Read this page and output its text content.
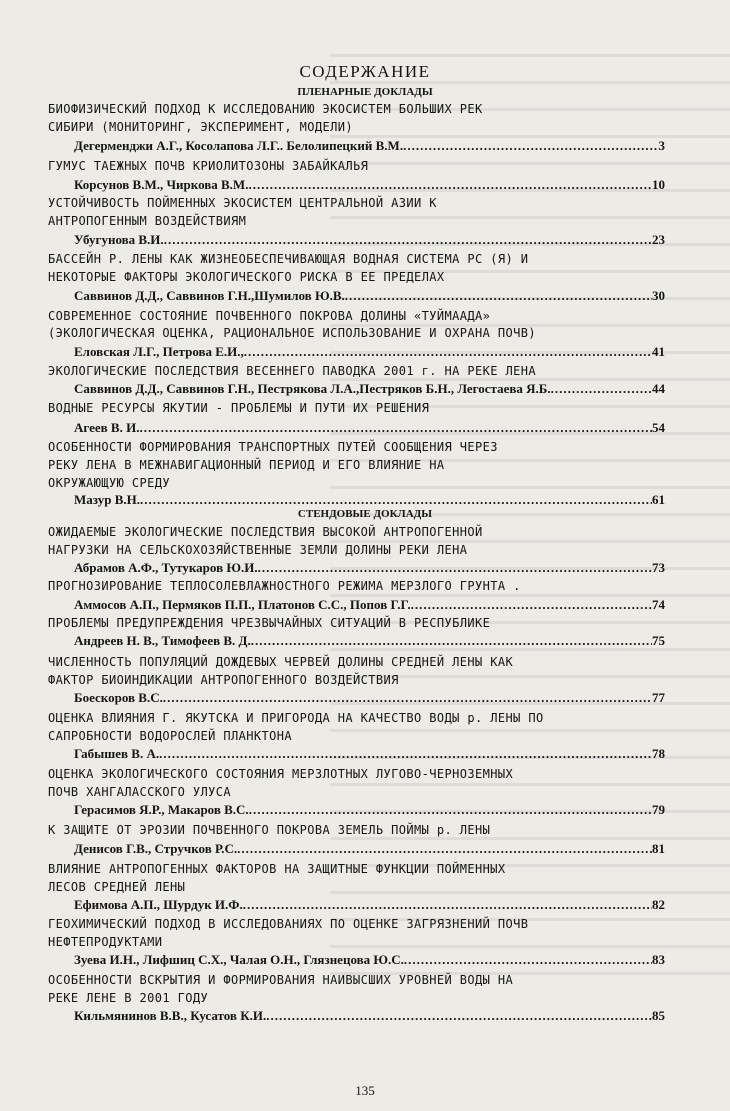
СОДЕРЖАНИЕ
ПЛЕНАРНЫЕ ДОКЛАДЫ
БИОФИЗИЧЕСКИЙ ПОДХОД К ИССЛЕДОВАНИЮ ЭКОСИСТЕМ БОЛЬШИХ РЕК
СИБИРИ (МОНИТОРИНГ, ЭКСПЕРИМЕНТ, МОДЕЛИ)
Дегерменджи А.Г., Косолапова Л.Г.. Белолипецкий В.М. .....	3
ГУМУС ТАЕЖНЫХ ПОЧВ КРИОЛИТОЗОНЫ ЗАБАЙКАЛЬЯ
Корсунов В.М., Чиркова В.М. .....	10
УСТОЙЧИВОСТЬ ПОЙМЕННЫХ ЭКОСИСТЕМ ЦЕНТРАЛЬНОЙ АЗИИ К
АНТРОПОГЕННЫМ ВОЗДЕЙСТВИЯМ
Убугунова В.И. .....	23
БАССЕЙН Р. ЛЕНЫ КАК ЖИЗНЕОБЕСПЕЧИВАЮЩАЯ ВОДНАЯ СИСТЕМА РС (Я) И
НЕКОТОРЫЕ ФАКТОРЫ ЭКОЛОГИЧЕСКОГО РИСКА В ЕЕ ПРЕДЕЛАХ
Саввинов Д.Д., Саввинов Г.Н.,Шумилов Ю.В. .....	30
СОВРЕМЕННОЕ СОСТОЯНИЕ ПОЧВЕННОГО ПОКРОВА ДОЛИНЫ «ТУЙМААДА»
(ЭКОЛОГИЧЕСКАЯ ОЦЕНКА, РАЦИОНАЛЬНОЕ ИСПОЛЬЗОВАНИЕ И ОХРАНА ПОЧВ)
Еловская Л.Г., Петрова Е.И., .....	41
ЭКОЛОГИЧЕСКИЕ ПОСЛЕДСТВИЯ ВЕСЕННЕГО ПАВОДКА 2001 г. НА РЕКЕ ЛЕНА
Саввинов Д.Д., Саввинов Г.Н., Пестрякова Л.А.,Пестряков Б.Н., Легостаева Я.Б. .....	44
ВОДНЫЕ РЕСУРСЫ ЯКУТИИ - ПРОБЛЕМЫ И ПУТИ ИХ РЕШЕНИЯ
Агеев В. И. .....	54
ОСОБЕННОСТИ ФОРМИРОВАНИЯ ТРАНСПОРТНЫХ ПУТЕЙ СООБЩЕНИЯ ЧЕРЕЗ
РЕКУ ЛЕНА В МЕЖНАВИГАЦИОННЫЙ ПЕРИОД И ЕГО ВЛИЯНИЕ НА
ОКРУЖАЮЩУЮ СРЕДУ
Мазур В.Н. .....	61
СТЕНДОВЫЕ ДОКЛАДЫ
ОЖИДАЕМЫЕ ЭКОЛОГИЧЕСКИЕ ПОСЛЕДСТВИЯ ВЫСОКОЙ АНТРОПОГЕННОЙ
НАГРУЗКИ НА СЕЛЬСКОХОЗЯЙСТВЕННЫЕ ЗЕМЛИ ДОЛИНЫ РЕКИ ЛЕНА
Абрамов А.Ф., Тутукаров Ю.И. .....	73
ПРОГНОЗИРОВАНИЕ ТЕПЛОСОЛЕВЛАЖНОСТНОГО РЕЖИМА МЕРЗЛОГО ГРУНТА .
Аммосов А.П., Пермяков П.П., Платонов С.С., Попов Г.Г. .....	74
ПРОБЛЕМЫ ПРЕДУПРЕЖДЕНИЯ ЧРЕЗВЫЧАЙНЫХ СИТУАЦИЙ В РЕСПУБЛИКЕ
Андреев Н. В., Тимофеев В. Д. .....	75
ЧИСЛЕННОСТЬ ПОПУЛЯЦИЙ ДОЖДЕВЫХ ЧЕРВЕЙ ДОЛИНЫ СРЕДНЕЙ ЛЕНЫ КАК
ФАКТОР БИОИНДИКАЦИИ АНТРОПОГЕННОГО ВОЗДЕЙСТВИЯ
Боескоров В.С. .....	77
ОЦЕНКА ВЛИЯНИЯ Г. ЯКУТСКА И ПРИГОРОДА НА КАЧЕСТВО ВОДЫ р. ЛЕНЫ ПО
САПРОБНОСТИ ВОДОРОСЛЕЙ ПЛАНКТОНА
Габышев В. А. .....	78
ОЦЕНКА ЭКОЛОГИЧЕСКОГО СОСТОЯНИЯ МЕРЗЛОТНЫХ ЛУГОВО-ЧЕРНОЗЕМНЫХ
ПОЧВ ХАНГАЛАССКОГО УЛУСА
Герасимов Я.Р., Макаров В.С. .....	79
К ЗАЩИТЕ ОТ ЭРОЗИИ ПОЧВЕННОГО ПОКРОВА ЗЕМЕЛЬ ПОЙМЫ р. ЛЕНЫ
Денисов Г.В., Стручков Р.С. .....	81
ВЛИЯНИЕ АНТРОПОГЕННЫХ ФАКТОРОВ НА ЗАЩИТНЫЕ ФУНКЦИИ ПОЙМЕННЫХ
ЛЕСОВ СРЕДНЕЙ ЛЕНЫ
Ефимова А.П., Шурдук И.Ф. .....	82
ГЕОХИМИЧЕСКИЙ ПОДХОД В ИССЛЕДОВАНИЯХ ПО ОЦЕНКЕ ЗАГРЯЗНЕНИЙ ПОЧВ
НЕФТЕПРОДУКТАМИ
Зуева И.Н., Лифшиц С.Х., Чалая О.Н., Глязнецова Ю.С. .....	83
ОСОБЕННОСТИ ВСКРЫТИЯ И ФОРМИРОВАНИЯ НАИВЫСШИХ УРОВНЕЙ ВОДЫ НА
РЕКЕ ЛЕНЕ В 2001 ГОДУ
Кильмянинов В.В., Кусатов К.И. .....	85
135
